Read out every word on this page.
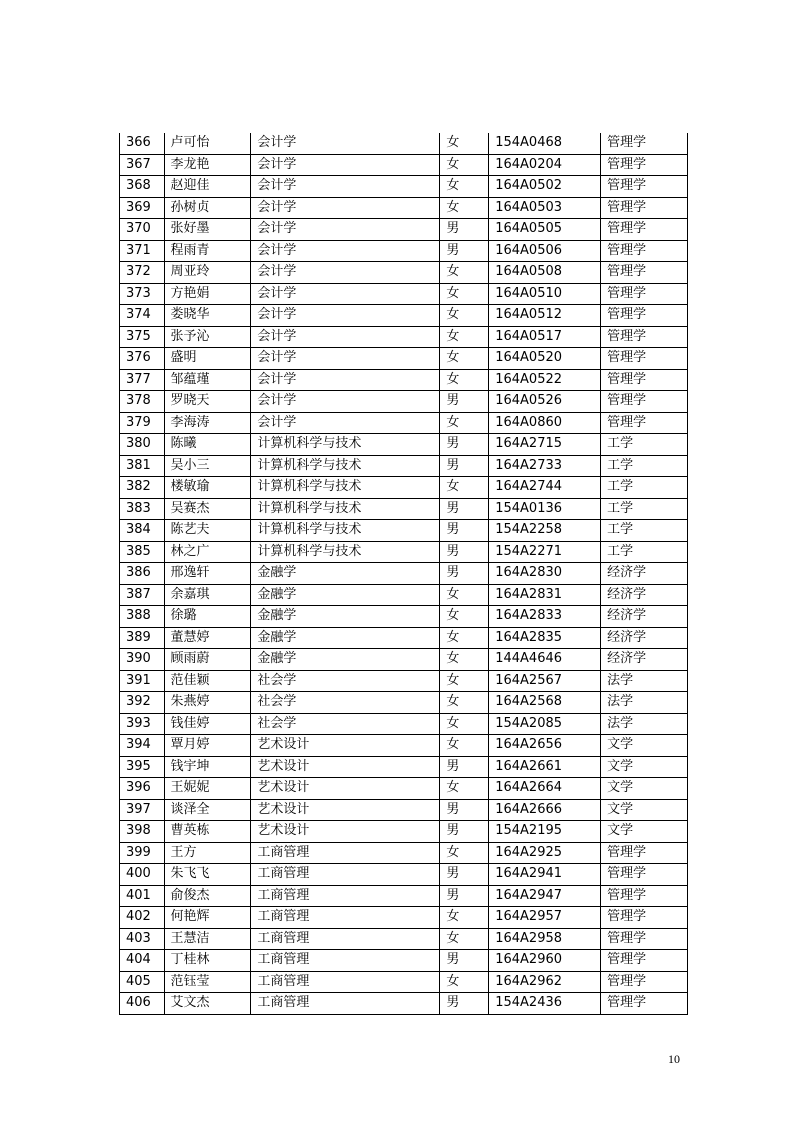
366	卢可怡	会计学	女	154A0468	管理学
367	李龙艳	会计学	女	164A0204	管理学
368	赵迎佳	会计学	女	164A0502	管理学
369	孙树贞	会计学	女	164A0503	管理学
370	张好墨	会计学	男	164A0505	管理学
371	程雨青	会计学	男	164A0506	管理学
372	周亚玲	会计学	女	164A0508	管理学
373	方艳娟	会计学	女	164A0510	管理学
374	娄晓华	会计学	女	164A0512	管理学
375	张予沁	会计学	女	164A0517	管理学
376	盛明	会计学	女	164A0520	管理学
377	邹蕴瑾	会计学	女	164A0522	管理学
378	罗晓天	会计学	男	164A0526	管理学
379	李海涛	会计学	女	164A0860	管理学
380	陈曦	计算机科学与技术	男	164A2715	工学
381	吴小三	计算机科学与技术	男	164A2733	工学
382	楼敏瑜	计算机科学与技术	女	164A2744	工学
383	吴赛杰	计算机科学与技术	男	154A0136	工学
384	陈艺夫	计算机科学与技术	男	154A2258	工学
385	林之广	计算机科学与技术	男	154A2271	工学
386	邢逸轩	金融学	男	164A2830	经济学
387	余嘉琪	金融学	女	164A2831	经济学
388	徐璐	金融学	女	164A2833	经济学
389	董慧婷	金融学	女	164A2835	经济学
390	顾雨蔚	金融学	女	144A4646	经济学
391	范佳颖	社会学	女	164A2567	法学
392	朱燕婷	社会学	女	164A2568	法学
393	钱佳婷	社会学	女	154A2085	法学
394	覃月婷	艺术设计	女	164A2656	文学
395	钱宇坤	艺术设计	男	164A2661	文学
396	王妮妮	艺术设计	女	164A2664	文学
397	谈泽全	艺术设计	男	164A2666	文学
398	曹英栋	艺术设计	男	154A2195	文学
399	王方	工商管理	女	164A2925	管理学
400	朱飞飞	工商管理	男	164A2941	管理学
401	俞俊杰	工商管理	男	164A2947	管理学
402	何艳辉	工商管理	女	164A2957	管理学
403	王慧洁	工商管理	女	164A2958	管理学
404	丁桂林	工商管理	男	164A2960	管理学
405	范钰莹	工商管理	女	164A2962	管理学
406	艾文杰	工商管理	男	154A2436	管理学
10
